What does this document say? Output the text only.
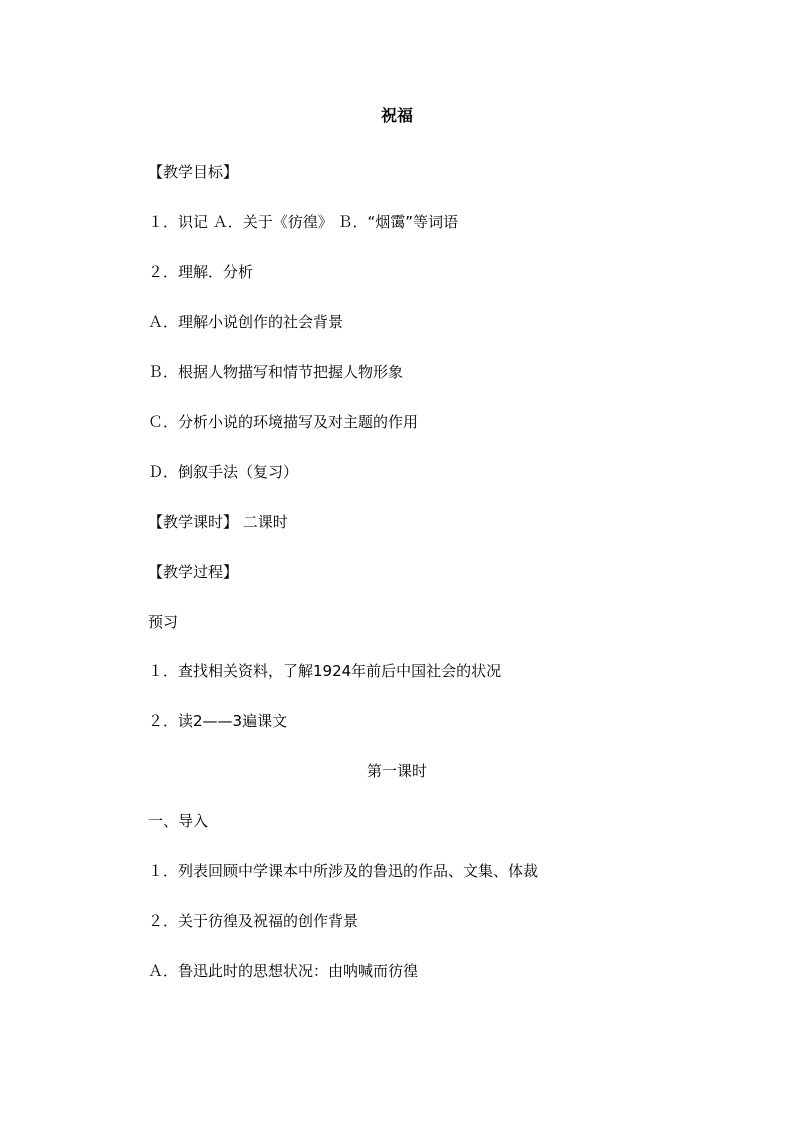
祝福
【教学目标】
１．识记 Ａ．关于《彷徨》 Ｂ．“烟霭”等词语
２．理解．分析
Ａ．理解小说创作的社会背景
Ｂ．根据人物描写和情节把握人物形象
Ｃ．分析小说的环境描写及对主题的作用
Ｄ．倒叙手法（复习）
【教学课时】 二课时
【教学过程】
预习
１．查找相关资料，了解1924年前后中国社会的状况
２．读2——3遍课文
第一课时
一、导入
１．列表回顾中学课本中所涉及的鲁迅的作品、文集、体裁
２．关于彷徨及祝福的创作背景
Ａ．鲁迅此时的思想状况：由呐喊而彷徨
